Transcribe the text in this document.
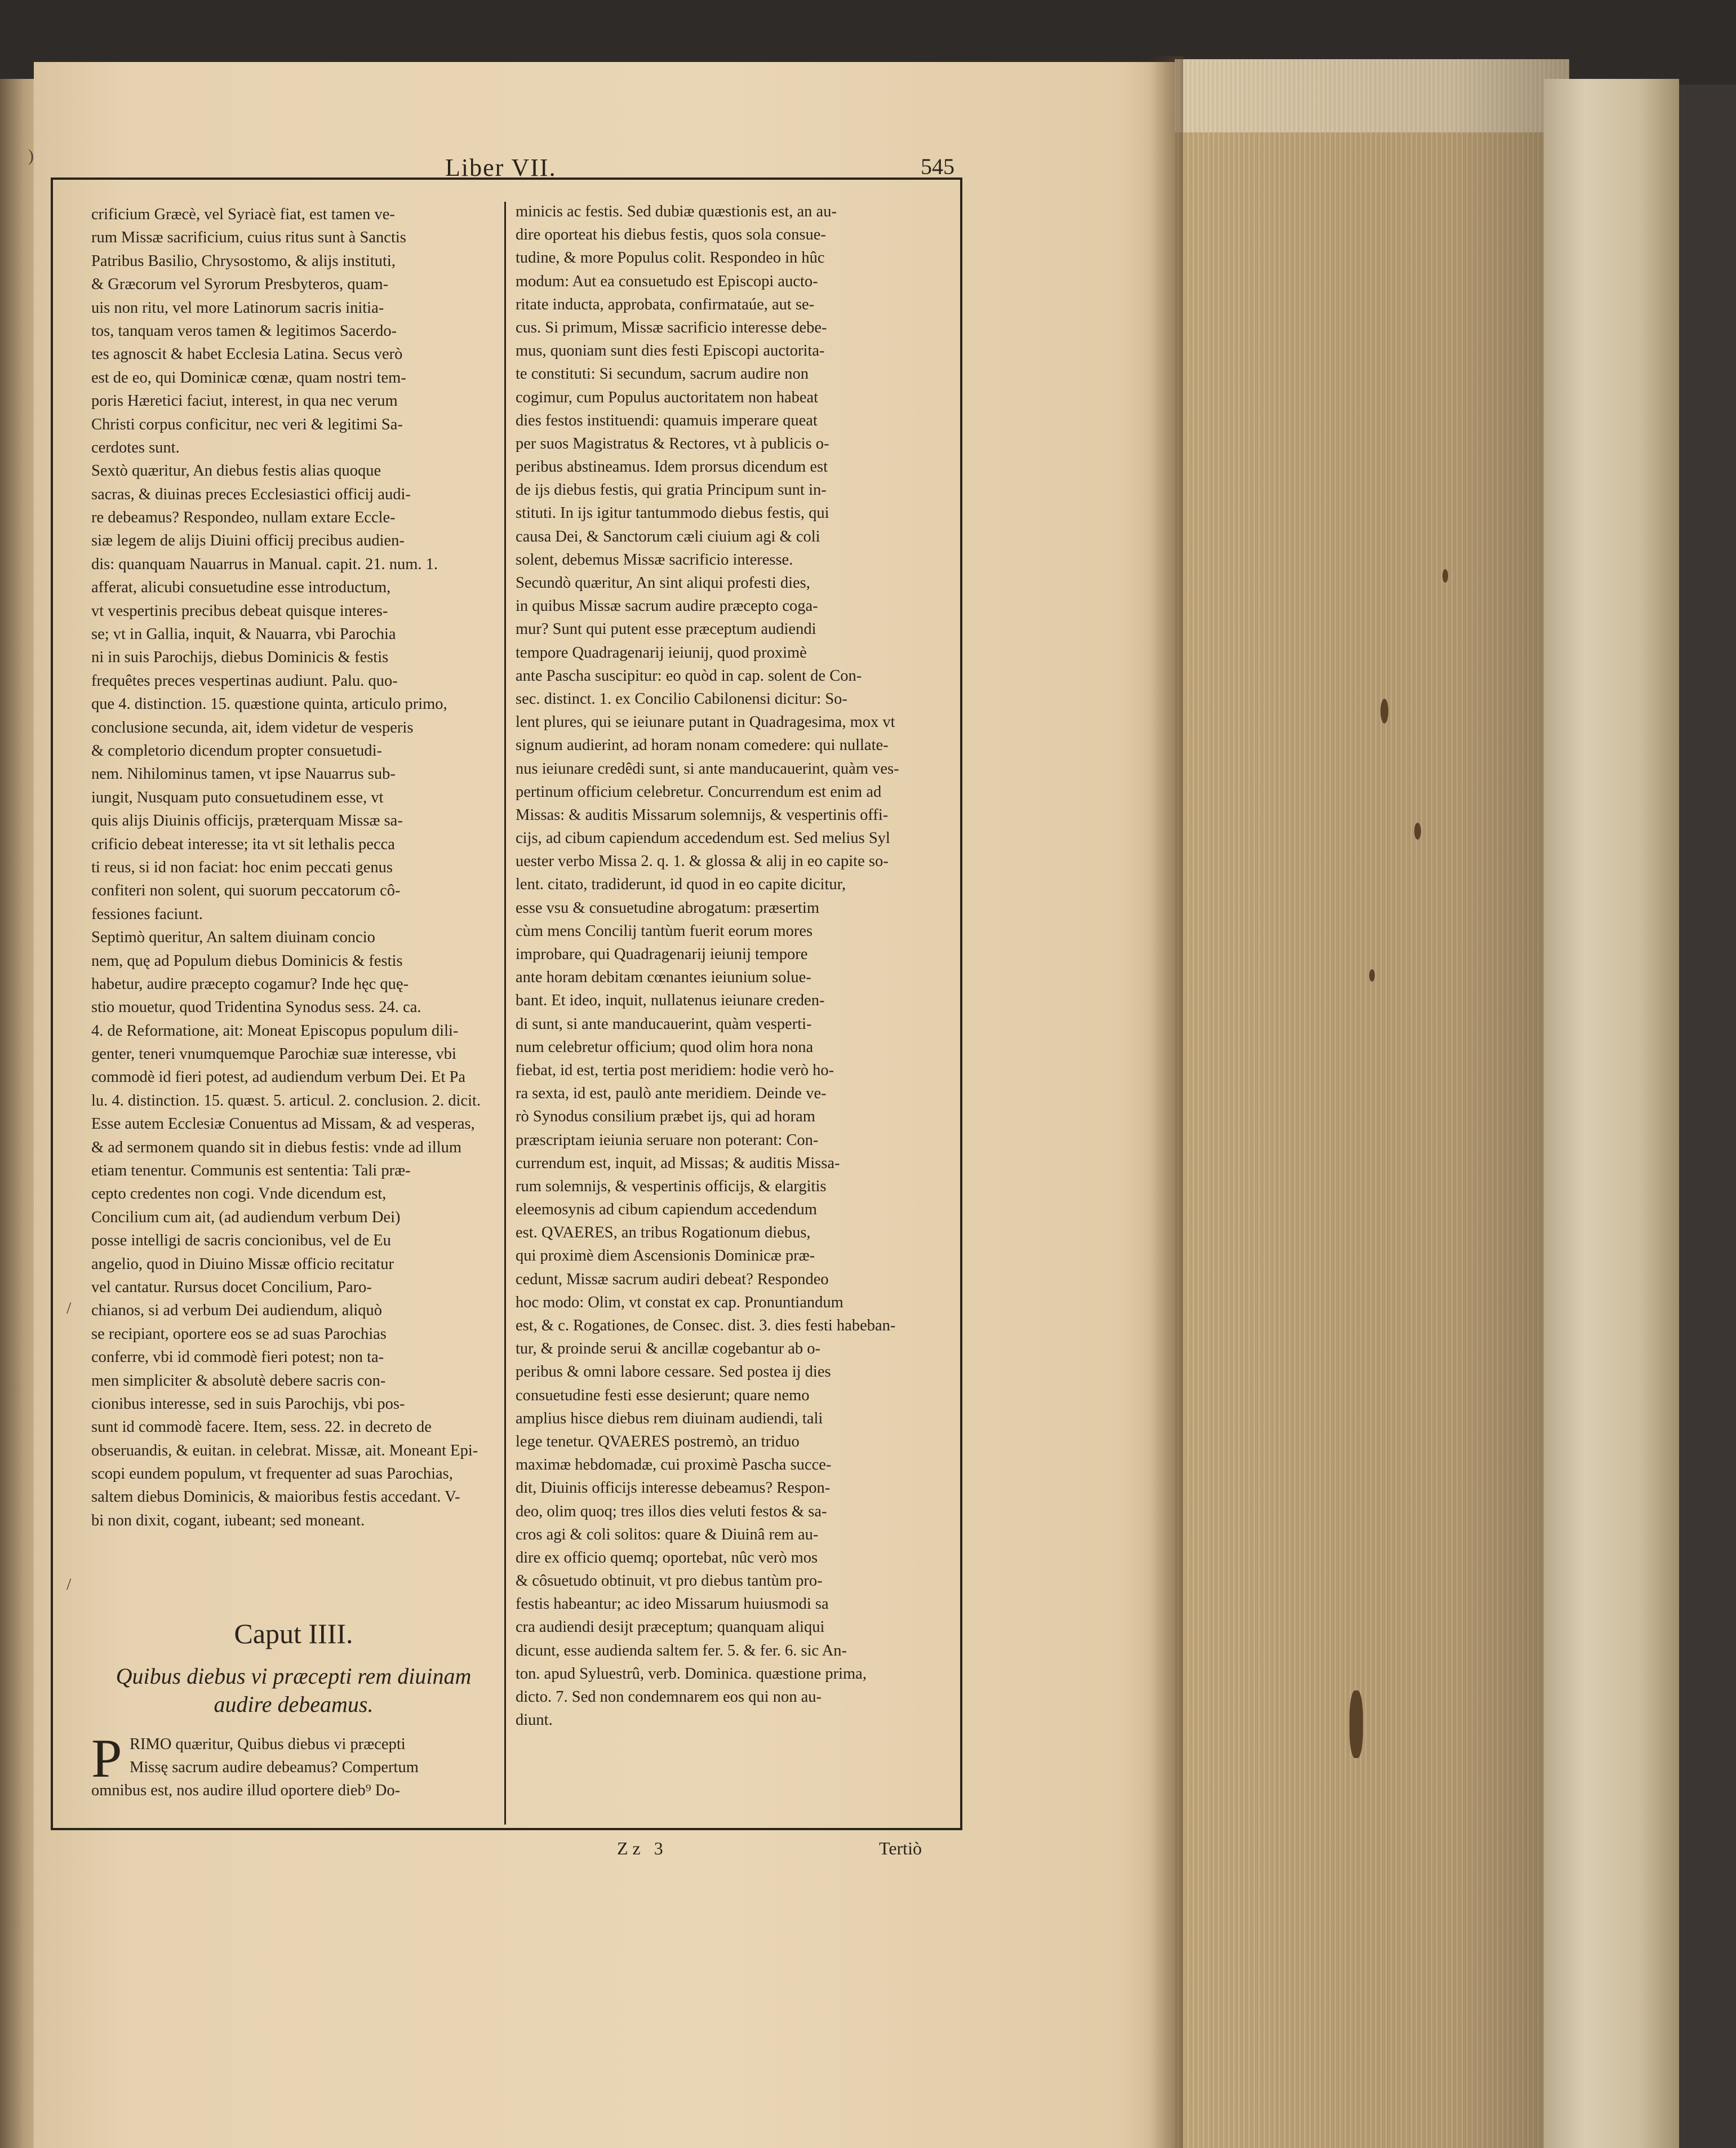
Liber VII.	545
crificium Græcè, vel Syriacè fiat, est tamen ve-
rum Missæ sacrificium, cuius ritus sunt à Sanctis
Patribus Basilio, Chrysostomo, & alijs instituti,
& Græcorum vel Syrorum Presbyteros, quam-
uis non ritu, vel more Latinorum sacris initia-
tos, tanquam veros tamen & legitimos Sacerdo-
tes agnoscit & habet Ecclesia Latina. Secus verò
est de eo, qui Dominicæ cœnæ, quam nostri tem-
poris Hæretici faciut, interest, in qua nec verum
Christi corpus conficitur, nec veri & legitimi Sa-
cerdotes sunt.
Sextò quæritur, An diebus festis alias quoque
sacras, & diuinas preces Ecclesiastici officij audi-
re debeamus? Respondeo, nullam extare Eccle-
siæ legem de alijs Diuini officij precibus audien-
dis: quanquam Nauarrus in Manual. capit. 21. num. 1.
afferat, alicubi consuetudine esse introductum,
vt vespertinis precibus debeat quisque interes-
se; vt in Gallia, inquit, & Nauarra, vbi Parochia
ni in suis Parochijs, diebus Dominicis & festis
frequêtes preces vespertinas audiunt. Palu. quo-
que 4. distinction. 15. quæstione quinta, articulo primo,
conclusione secunda, ait, idem videtur de vesperis
& completorio dicendum propter consuetudi-
nem. Nihilominus tamen, vt ipse Nauarrus sub-
iungit, Nusquam puto consuetudinem esse, vt
quis alijs Diuinis officijs, præterquam Missæ sa-
crificio debeat interesse; ita vt sit lethalis pecca
ti reus, si id non faciat: hoc enim peccati genus
confiteri non solent, qui suorum peccatorum cô-
fessiones faciunt.
Septimò queritur, An saltem diuinam concio
nem, quę ad Populum diebus Dominicis & festis
habetur, audire præcepto cogamur? Inde hęc quę-
stio mouetur, quod Tridentina Synodus sess. 24. ca.
4. de Reformatione, ait: Moneat Episcopus populum dili-
genter, teneri vnumquemque Parochiæ suæ interesse, vbi
commodè id fieri potest, ad audiendum verbum Dei. Et Pa
lu. 4. distinction. 15. quæst. 5. articul. 2. conclusion. 2. dicit.
Esse autem Ecclesiæ Conuentus ad Missam, & ad vesperas,
& ad sermonem quando sit in diebus festis: vnde ad illum
etiam tenentur. Communis est sententia: Tali præ-
cepto credentes non cogi. Vnde dicendum est,
Concilium cum ait, (ad audiendum verbum Dei)
posse intelligi de sacris concionibus, vel de Eu
angelio, quod in Diuino Missæ officio recitatur
vel cantatur. Rursus docet Concilium, Paro-
chianos, si ad verbum Dei audiendum, aliquò
se recipiant, oportere eos se ad suas Parochias
conferre, vbi id commodè fieri potest; non ta-
men simpliciter & absolutè debere sacris con-
cionibus interesse, sed in suis Parochijs, vbi pos-
sunt id commodè facere. Item, sess. 22. in decreto de
obseruandis, & euitan. in celebrat. Missæ, ait. Moneant Epi-
scopi eundem populum, vt frequenter ad suas Parochias,
saltem diebus Dominicis, & maioribus festis accedant. V-
bi non dixit, cogant, iubeant; sed moneant.
Caput IIII.
Quibus diebus vi præcepti rem diuinam
audire debeamus.
P RIMO quæritur, Quibus diebus vi præcepti
Missę sacrum audire debeamus? Compertum
omnibus est, nos audire illud oportere dieb⁹ Do-
minicis ac festis. Sed dubiæ quæstionis est, an au-
dire oporteat his diebus festis, quos sola consue-
tudine, & more Populus colit. Respondeo in hûc
modum: Aut ea consuetudo est Episcopi aucto-
ritate inducta, approbata, confirmataúe, aut se-
cus. Si primum, Missæ sacrificio interesse debe-
mus, quoniam sunt dies festi Episcopi auctorita-
te constituti: Si secundum, sacrum audire non
cogimur, cum Populus auctoritatem non habeat
dies festos instituendi: quamuis imperare queat
per suos Magistratus & Rectores, vt à publicis o-
peribus abstineamus. Idem prorsus dicendum est
de ijs diebus festis, qui gratia Principum sunt in-
stituti. In ijs igitur tantummodo diebus festis, qui
causa Dei, & Sanctorum cæli ciuium agi & coli
solent, debemus Missæ sacrificio interesse.
Secundò quæritur, An sint aliqui profesti dies,
in quibus Missæ sacrum audire præcepto coga-
mur? Sunt qui putent esse præceptum audiendi
tempore Quadragenarij ieiunij, quod proximè
ante Pascha suscipitur: eo quòd in cap. solent de Con-
sec. distinct. 1. ex Concilio Cabilonensi dicitur: So-
lent plures, qui se ieiunare putant in Quadragesima, mox vt
signum audierint, ad horam nonam comedere: qui nullate-
nus ieiunare credêdi sunt, si ante manducauerint, quàm ves-
pertinum officium celebretur. Concurrendum est enim ad
Missas: & auditis Missarum solemnijs, & vespertinis offi-
cijs, ad cibum capiendum accedendum est. Sed melius Syl
uester verbo Missa 2. q. 1. & glossa & alij in eo capite so-
lent. citato, tradiderunt, id quod in eo capite dicitur,
esse vsu & consuetudine abrogatum: præsertim
cùm mens Concilij tantùm fuerit eorum mores
improbare, qui Quadragenarij ieiunij tempore
ante horam debitam cœnantes ieiunium solue-
bant. Et ideo, inquit, nullatenus ieiunare creden-
di sunt, si ante manducauerint, quàm vesperti-
num celebretur officium; quod olim hora nona
fiebat, id est, tertia post meridiem: hodie verò ho-
ra sexta, id est, paulò ante meridiem. Deinde ve-
rò Synodus consilium præbet ijs, qui ad horam
præscriptam ieiunia seruare non poterant: Con-
currendum est, inquit, ad Missas; & auditis Missa-
rum solemnijs, & vespertinis officijs, & elargitis
eleemosynis ad cibum capiendum accedendum
est. QVAERES, an tribus Rogationum diebus,
qui proximè diem Ascensionis Dominicæ præ-
cedunt, Missæ sacrum audiri debeat? Respondeo
hoc modo: Olim, vt constat ex cap. Pronuntiandum
est, & c. Rogationes, de Consec. dist. 3. dies festi habeban-
tur, & proinde serui & ancillæ cogebantur ab o-
peribus & omni labore cessare. Sed postea ij dies
consuetudine festi esse desierunt; quare nemo
amplius hisce diebus rem diuinam audiendi, tali
lege tenetur. QVAERES postremò, an triduo
maximæ hebdomadæ, cui proximè Pascha succe-
dit, Diuinis officijs interesse debeamus? Respon-
deo, olim quoq; tres illos dies veluti festos & sa-
cros agi & coli solitos: quare & Diuinâ rem au-
dire ex officio quemq; oportebat, nûc verò mos
& côsuetudo obtinuit, vt pro diebus tantùm pro-
festis habeantur; ac ideo Missarum huiusmodi sa
cra audiendi desijt præceptum; quanquam aliqui
dicunt, esse audienda saltem fer. 5. & fer. 6. sic An-
ton. apud Syluestrû, verb. Dominica. quæstione prima,
dicto. 7. Sed non condemnarem eos qui non au-
diunt.
Zz 3	Tertiò
/
/
)
